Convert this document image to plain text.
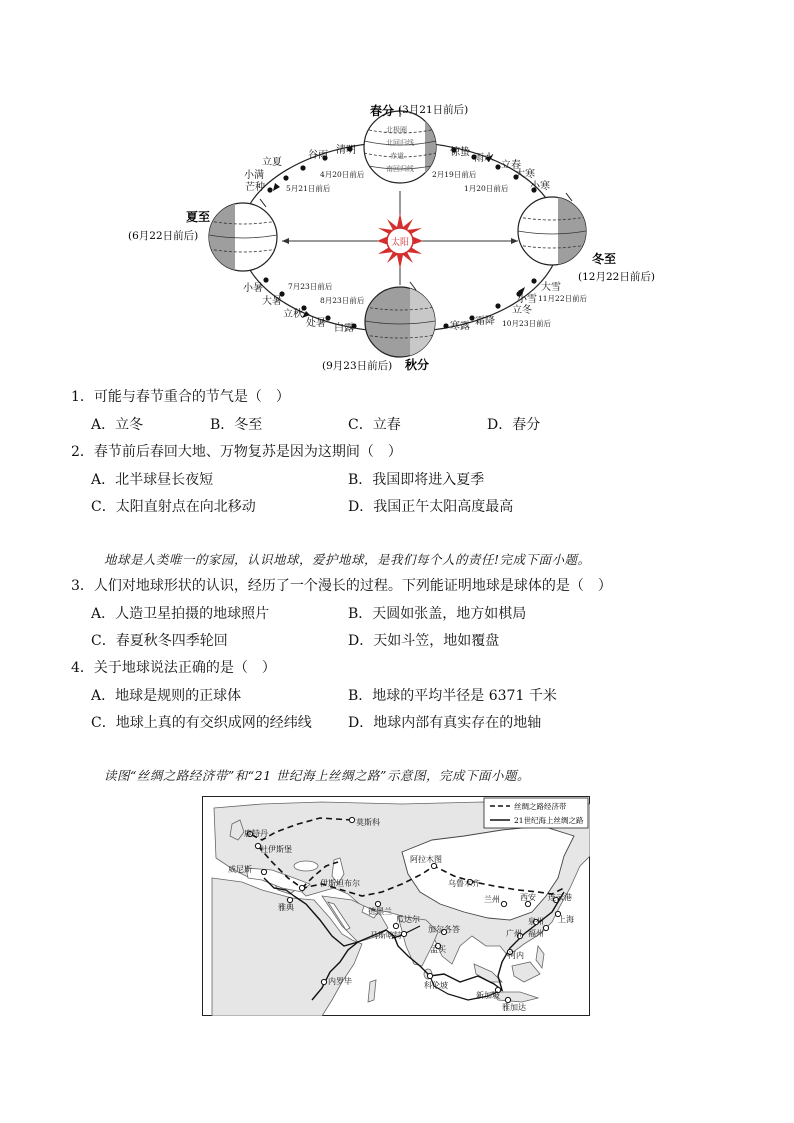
太阳
北极圈
北回归线
赤道
南回归线
春分 (3月21日前后)
夏至
(6月22日前后)
冬至
(12月22日前后)
(9月23日前后) 秋分
立夏
谷雨 清明
小满
芒种
惊蛰
雨水
立春
大寒
小寒
小暑
大暑
立秋
处暑 白露	寒露 霜降
立冬
小雪
大雪
5月21日前后
4月20日前后	2月19日前后
1月20日前后
7月23日前后
8月23日前后
10月23日前后
11月22日前后
1．可能与春节重合的节气是（　）
A．立冬	B．冬至	C．立春	D．春分
2．春节前后春回大地、万物复苏是因为这期间（　）
A．北半球昼长夜短	B．我国即将进入夏季
C．太阳直射点在向北移动	D．我国正午太阳高度最高
地球是人类唯一的家园，认识地球，爱护地球，是我们每个人的责任!完成下面小题。
3．人们对地球形状的认识，经历了一个漫长的过程。下列能证明地球是球体的是（　）
A．人造卫星拍摄的地球照片	B．天圆如张盖，地方如棋局
C．春夏秋冬四季轮回	D．天如斗笠，地如覆盘
4．关于地球说法正确的是（　）
A．地球是规则的正球体	B．地球的平均半径是 6371 千米
C．地球上真的有交织成网的经纬线	D．地球内部有真实存在的地轴
读图“丝绸之路经济带”和“21 世纪海上丝绸之路”示意图，完成下面小题。
丝绸之路经济带
21世纪海上丝绸之路
莫斯科
鹿特丹
杜伊斯堡
威尼斯
伊斯坦布尔
雅典	德黑兰
阿拉木图
乌鲁木齐
兰州	西安 连云港
上海
泉州
福州
广州
河内
瓜达尔
马斯喀特
加尔各答
孟买
科伦坡
内罗毕
新加坡
雅加达
